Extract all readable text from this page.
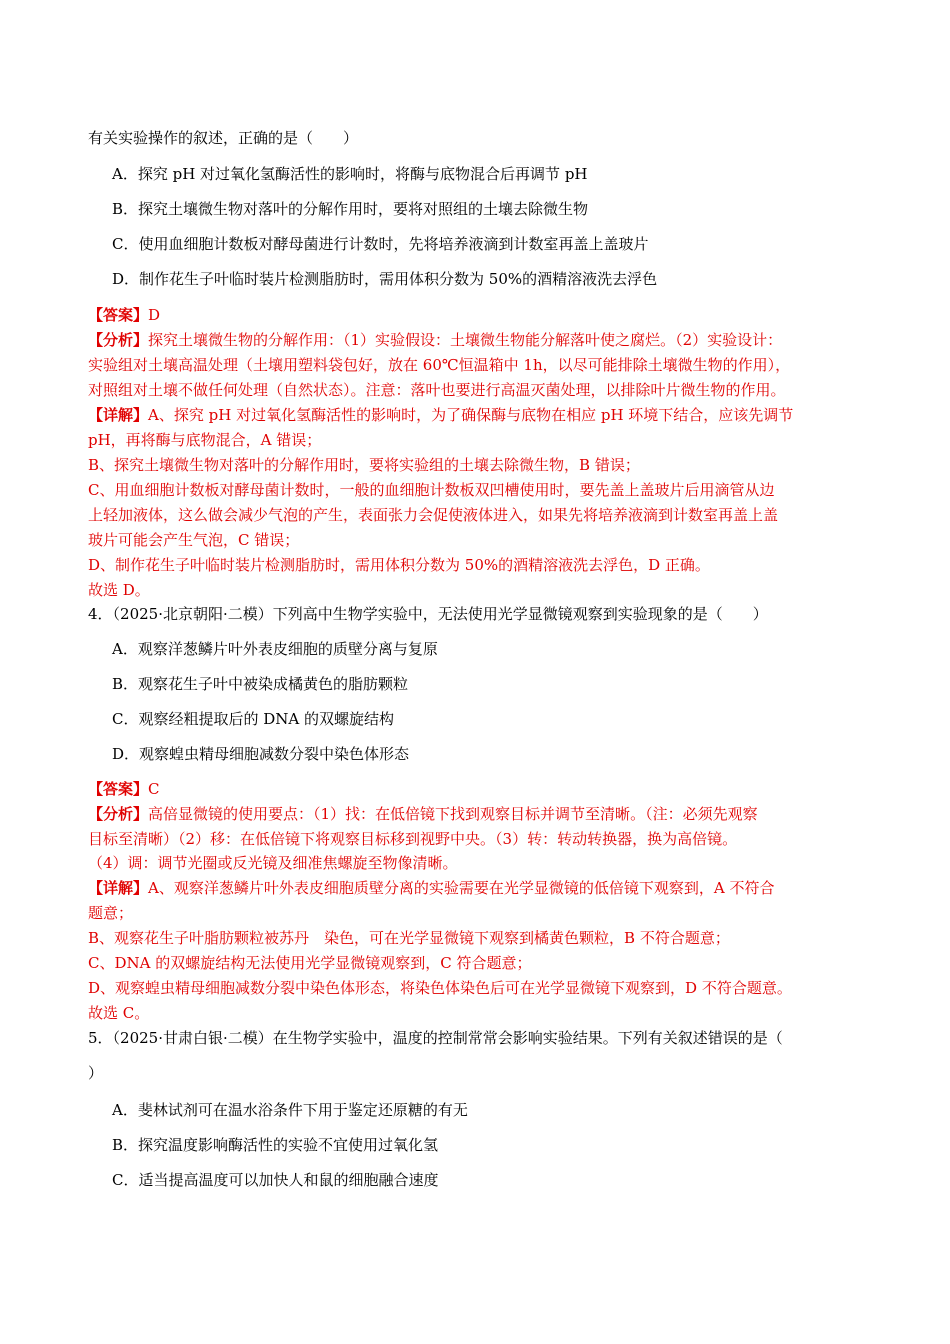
有关实验操作的叙述，正确的是（　　）
A．探究 pH 对过氧化氢酶活性的影响时，将酶与底物混合后再调节 pH
B．探究土壤微生物对落叶的分解作用时，要将对照组的土壤去除微生物
C．使用血细胞计数板对酵母菌进行计数时，先将培养液滴到计数室再盖上盖玻片
D．制作花生子叶临时装片检测脂肪时，需用体积分数为 50%的酒精溶液洗去浮色
【答案】D
【分析】探究土壤微生物的分解作用：（1）实验假设：土壤微生物能分解落叶使之腐烂。（2）实验设计：
实验组对土壤高温处理（土壤用塑料袋包好，放在 60℃恒温箱中 1h，以尽可能排除土壤微生物的作用），
对照组对土壤不做任何处理（自然状态）。注意：落叶也要进行高温灭菌处理，以排除叶片微生物的作用。
【详解】A、探究 pH 对过氧化氢酶活性的影响时，为了确保酶与底物在相应 pH 环境下结合，应该先调节
pH，再将酶与底物混合，A 错误；
B、探究土壤微生物对落叶的分解作用时，要将实验组的土壤去除微生物，B 错误；
C、用血细胞计数板对酵母菌计数时，一般的血细胞计数板双凹槽使用时，要先盖上盖玻片后用滴管从边
上轻加液体，这么做会减少气泡的产生，表面张力会促使液体进入，如果先将培养液滴到计数室再盖上盖
玻片可能会产生气泡，C 错误；
D、制作花生子叶临时装片检测脂肪时，需用体积分数为 50%的酒精溶液洗去浮色，D 正确。
故选 D。
4．（2025·北京朝阳·二模）下列高中生物学实验中，无法使用光学显微镜观察到实验现象的是（　　）
A．观察洋葱鳞片叶外表皮细胞的质壁分离与复原
B．观察花生子叶中被染成橘黄色的脂肪颗粒
C．观察经粗提取后的 DNA 的双螺旋结构
D．观察蝗虫精母细胞减数分裂中染色体形态
【答案】C
【分析】高倍显微镜的使用要点：（1）找：在低倍镜下找到观察目标并调节至清晰。（注：必须先观察
目标至清晰）（2）移：在低倍镜下将观察目标移到视野中央。（3）转：转动转换器，换为高倍镜。
（4）调：调节光圈或反光镜及细准焦螺旋至物像清晰。
【详解】A、观察洋葱鳞片叶外表皮细胞质壁分离的实验需要在光学显微镜的低倍镜下观察到，A 不符合
题意；
B、观察花生子叶脂肪颗粒被苏丹　染色，可在光学显微镜下观察到橘黄色颗粒，B 不符合题意；
C、DNA 的双螺旋结构无法使用光学显微镜观察到，C 符合题意；
D、观察蝗虫精母细胞减数分裂中染色体形态，将染色体染色后可在光学显微镜下观察到，D 不符合题意。
故选 C。
5．（2025·甘肃白银·二模）在生物学实验中，温度的控制常常会影响实验结果。下列有关叙述错误的是（
）
A．斐林试剂可在温水浴条件下用于鉴定还原糖的有无
B．探究温度影响酶活性的实验不宜使用过氧化氢
C．适当提高温度可以加快人和鼠的细胞融合速度
